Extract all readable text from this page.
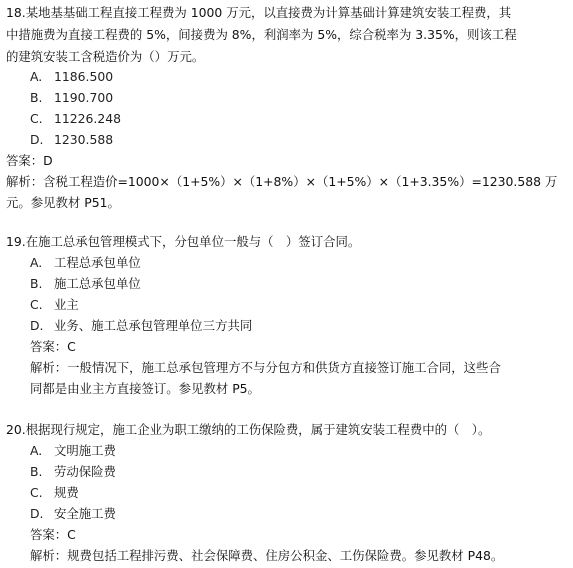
18.某地基基础工程直接工程费为 1000 万元，以直接费为计算基础计算建筑安装工程费，其
中措施费为直接工程费的 5%，间接费为 8%，利润率为 5%，综合税率为 3.35%，则该工程
的建筑安装工含税造价为（）万元。
A. 1186.500
B. 1190.700
C. 11226.248
D. 1230.588
答案：D
解析：含税工程造价=1000×（1+5%）×（1+8%）×（1+5%）×（1+3.35%）=1230.588 万
元。参见教材 P51。
19.在施工总承包管理模式下，分包单位一般与（　）签订合同。
A. 工程总承包单位
B. 施工总承包单位
C. 业主
D. 业务、施工总承包管理单位三方共同
答案：C
解析：一般情况下，施工总承包管理方不与分包方和供货方直接签订施工合同，这些合
同都是由业主方直接签订。参见教材 P5。
20.根据现行规定，施工企业为职工缴纳的工伤保险费，属于建筑安装工程费中的（　）。
A. 文明施工费
B. 劳动保险费
C. 规费
D. 安全施工费
答案：C
解析：规费包括工程排污费、社会保障费、住房公积金、工伤保险费。参见教材 P48。
